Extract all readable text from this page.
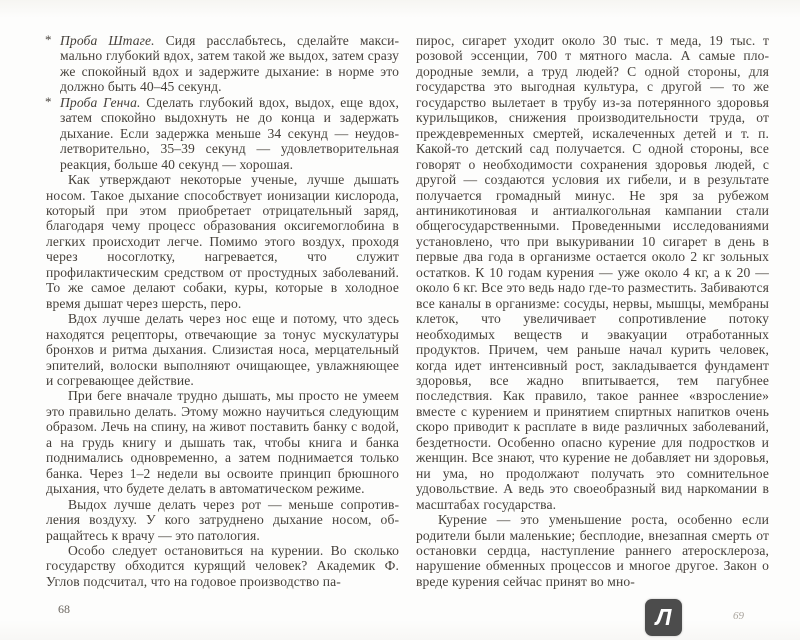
* Проба Штаге. Сидя расслабьтесь, сделайте максимально глубокий вдох, затем такой же выдох, затем сразу же спокойный вдох и задержите дыхание: в норме это должно быть 40–45 секунд.
* Проба Генча. Сделать глубокий вдох, выдох, еще вдох, затем спокойно выдохнуть не до конца и задержать дыхание. Если задержка меньше 34 секунд — неудовлетворительно, 35–39 секунд — удовлетворительная реакция, больше 40 секунд — хорошая.

Как утверждают некоторые ученые, лучше дышать носом. Такое дыхание способствует ионизации кислорода, который при этом приобретает отрицательный заряд, благодаря чему процесс образования оксигемоглобина в легких происходит легче. Помимо этого воздух, проходя через носоглотку, нагревается, что служит профилактическим средством от простудных заболеваний. То же самое делают собаки, куры, которые в холодное время дышат через шерсть, перо.

Вдох лучше делать через нос еще и потому, что здесь находятся рецепторы, отвечающие за тонус мускулатуры бронхов и ритма дыхания. Слизистая носа, мерцательный эпителий, волоски выполняют очищающее, увлажняющее и согревающее действие.

При беге вначале трудно дышать, мы просто не умеем это правильно делать. Этому можно научиться следующим образом. Лечь на спину, на живот поставить банку с водой, а на грудь книгу и дышать так, чтобы книга и банка поднимались одновременно, а затем поднимается только банка. Через 1–2 недели вы освоите принцип брюшного дыхания, что будете делать в автоматическом режиме.

Выдох лучше делать через рот — меньше сопротивления воздуху. У кого затруднено дыхание носом, обращайтесь к врачу — это патология.

Особо следует остановиться на курении. Во сколько государству обходится курящий человек? Академик Ф. Углов подсчитал, что на годовое производство па-

пирос, сигарет уходит около 30 тыс. т меда, 19 тыс. т розовой эссенции, 700 т мятного масла. А самые плодородные земли, а труд людей? С одной стороны, для государства это выгодная культура, с другой — то же государство вылетает в трубу из-за потерянного здоровья курильщиков, снижения производительности труда, от преждевременных смертей, искалеченных детей и т. п. Какой-то детский сад получается. С одной стороны, все говорят о необходимости сохранения здоровья людей, с другой — создаются условия их гибели, и в результате получается громадный минус. Не зря за рубежом антиникотиновая и антиалкогольная кампании стали общегосударственными. Проведенными исследованиями установлено, что при выкуривании 10 сигарет в день в первые два года в организме остается около 2 кг зольных остатков. К 10 годам курения — уже около 4 кг, а к 20 — около 6 кг. Все это ведь надо где-то разместить. Забиваются все каналы в организме: сосуды, нервы, мышцы, мембраны клеток, что увеличивает сопротивление потоку необходимых веществ и эвакуации отработанных продуктов. Причем, чем раньше начал курить человек, когда идет интенсивный рост, закладывается фундамент здоровья, все жадно впитывается, тем пагубнее последствия. Как правило, такое раннее «взросление» вместе с курением и принятием спиртных напитков очень скоро приводит к расплате в виде различных заболеваний, бездетности. Особенно опасно курение для подростков и женщин. Все знают, что курение не добавляет ни здоровья, ни ума, но продолжают получать это сомнительное удовольствие. А ведь это своеобразный вид наркомании в масштабах государства.

Курение — это уменьшение роста, особенно если родители были маленькие; бесплодие, внезапная смерть от остановки сердца, наступление раннего атеросклероза, нарушение обменных процессов и многое другое. Закон о вреде курения сейчас принят во мно-

68	69
Л
